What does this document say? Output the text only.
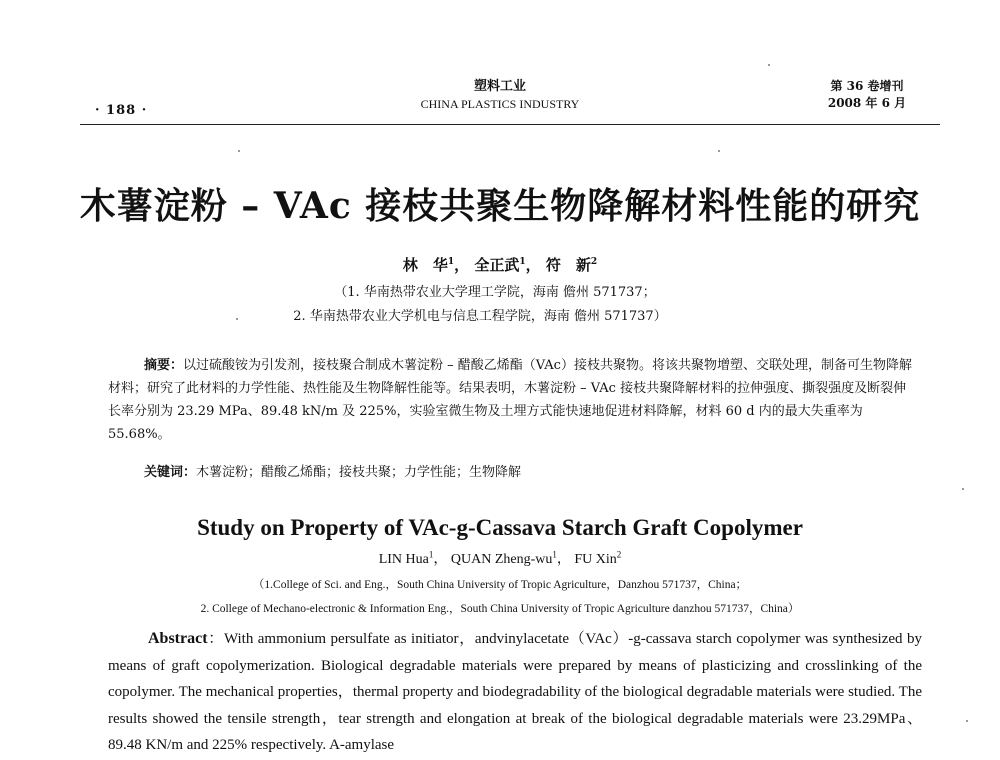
· 188 ·
塑料工业
CHINA PLASTICS INDUSTRY
第 36 卷增刊
2008 年 6 月
木薯淀粉 – VAc 接枝共聚生物降解材料性能的研究
林　华$^1$， 全正武$^1$， 符　新$^2$
（1. 华南热带农业大学理工学院，海南 儋州 571737；
2. 华南热带农业大学机电与信息工程学院，海南 儋州 571737）
摘要：以过硫酸铵为引发剂，接枝聚合制成木薯淀粉 – 醋酸乙烯酯（VAc）接枝共聚物。将该共聚物增塑、交联处理，制备可生物降解材料；研究了此材料的力学性能、热性能及生物降解性能等。结果表明，木薯淀粉 – VAc 接枝共聚降解材料的拉伸强度、撕裂强度及断裂伸长率分别为 23.29 MPa、89.48 kN/m 及 225%，实验室微生物及土埋方式能快速地促进材料降解，材料 60 d 内的最大失重率为 55.68%。
关键词：木薯淀粉；醋酸乙烯酯；接枝共聚；力学性能；生物降解
Study on Property of VAc-g-Cassava Starch Graft Copolymer
LIN Hua$^1$， QUAN Zheng-$wu^1$， FU Xin$^2$
（1.College of Sci. and Eng.，South China University of Tropic Agriculture，Danzhou 571737，China；
2. College of Mechano-electronic & Information Eng.，South China University of Tropic Agriculture danzhou 571737，China）
Abstract：With ammonium persulfate as initiator，andvinylacetate（VAc）-g-cassava starch copolymer was synthesized by means of graft copolymerization. Biological degradable materials were prepared by means of plasticizing and crosslinking of the copolymer. The mechanical properties，thermal property and biodegradability of the biological degradable materials were studied. The results showed the tensile strength，tear strength and elongation at break of the biological degradable materials were 23.29MPa、89.48 KN/m and 225% respectively. A-amylase
